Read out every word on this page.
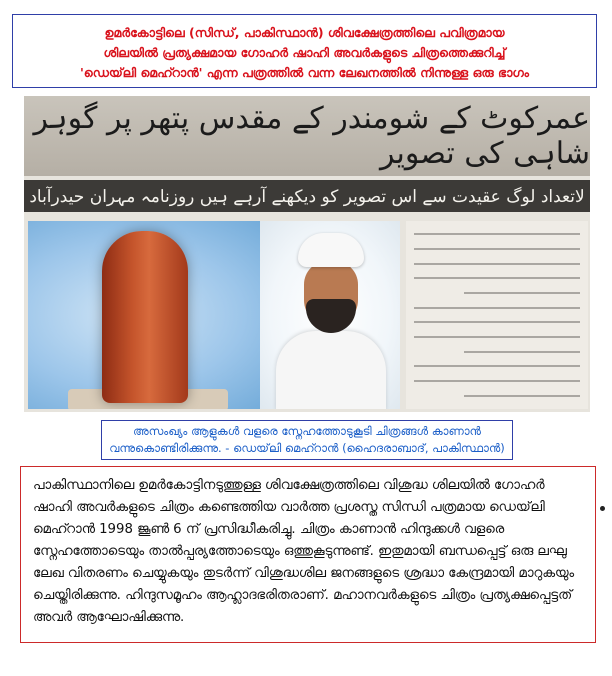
ഉമർകോട്ടിലെ (സിന്ധ്, പാകിസ്ഥാൻ) ശിവക്ഷേത്രത്തിലെ പവിത്രമായ
ശിലയിൽ പ്രത്യക്ഷമായ ഗോഹർ ഷാഹി അവർകളുടെ ചിത്രത്തെക്കുറിച്ച്
'ഡെയ്‌ലി മെഹ്റാൻ' എന്ന പത്രത്തിൽ വന്ന ലേഖനത്തിൽ നിന്നുള്ള ഒരു ഭാഗം
عمرکوٹ کے شومندر کے مقدس پتھر پر گوہر شاہی کی تصویر
لاتعداد لوگ عقیدت سے اس تصویر کو دیکھنے آرہے ہیں روزنامہ مہران حیدرآباد
അസംഖ്യം ആളുകൾ വളരെ സ്നേഹത്തോടുകൂടി ചിത്രങ്ങൾ കാണാൻ
വന്നുകൊണ്ടിരിക്കുന്നു. - ഡെയ്‌ലി മെഹ്റാൻ (ഹൈദരാബാദ്, പാകിസ്ഥാൻ)
പാകിസ്ഥാനിലെ ഉമർകോട്ടിനടുത്തുള്ള ശിവക്ഷേത്രത്തിലെ വിശുദ്ധ ശിലയിൽ ഗോഹർ ഷാഹി അവർകളുടെ ചിത്രം കണ്ടെത്തിയ വാർത്ത പ്രശസ്ത സിന്ധി പത്രമായ ഡെയ്‌ലി മെഹ്റാൻ 1998 ജൂൺ 6 ന് പ്രസിദ്ധീകരിച്ചു. ചിത്രം കാണാൻ ഹിന്ദുക്കൾ വളരെ സ്നേഹത്തോടെയും താൽപ്പര്യത്തോടെയും ഒത്തുകൂടുന്നുണ്ട്. ഇതുമായി ബന്ധപ്പെട്ട് ഒരു ലഘു ലേഖ വിതരണം ചെയ്യുകയും തുടർന്ന് വിശുദ്ധശില ജനങ്ങളുടെ ശ്രദ്ധാ കേന്ദ്രമായി മാറുകയും ചെയ്തിരിക്കുന്നു. ഹിന്ദുസമൂഹം ആഹ്ലാദഭരിതരാണ്. മഹാനവർകളുടെ ചിത്രം പ്രത്യക്ഷപ്പെട്ടത് അവർ ആഘോഷിക്കുന്നു.
